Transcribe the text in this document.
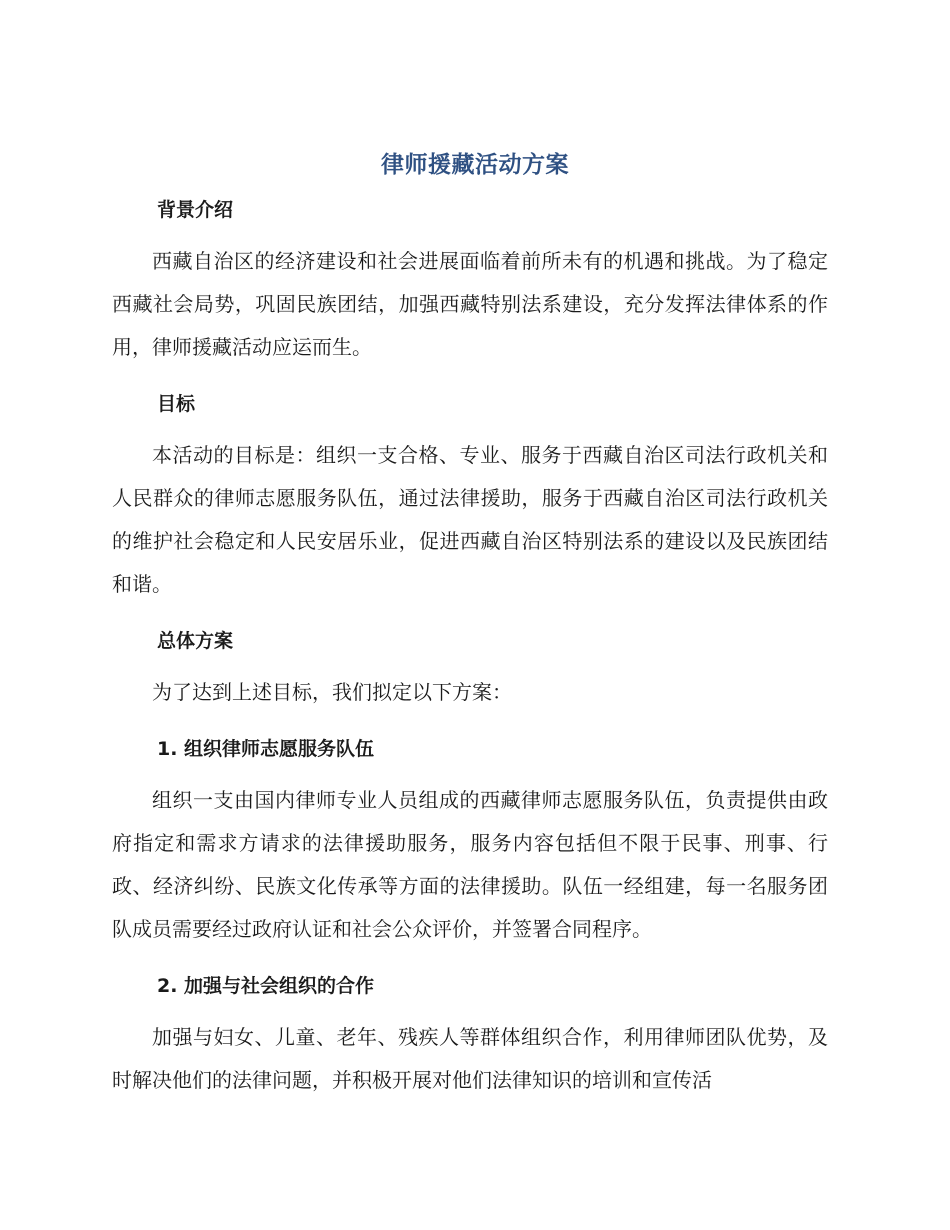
律师援藏活动方案
背景介绍

西藏自治区的经济建设和社会进展面临着前所未有的机遇和挑战。为了稳定西藏社会局势，巩固民族团结，加强西藏特别法系建设，充分发挥法律体系的作用，律师援藏活动应运而生。

目标

本活动的目标是：组织一支合格、专业、服务于西藏自治区司法行政机关和人民群众的律师志愿服务队伍，通过法律援助，服务于西藏自治区司法行政机关的维护社会稳定和人民安居乐业，促进西藏自治区特别法系的建设以及民族团结和谐。

总体方案

为了达到上述目标，我们拟定以下方案：

1. 组织律师志愿服务队伍

组织一支由国内律师专业人员组成的西藏律师志愿服务队伍，负责提供由政府指定和需求方请求的法律援助服务，服务内容包括但不限于民事、刑事、行政、经济纠纷、民族文化传承等方面的法律援助。队伍一经组建，每一名服务团队成员需要经过政府认证和社会公众评价，并签署合同程序。

2. 加强与社会组织的合作

加强与妇女、儿童、老年、残疾人等群体组织合作，利用律师团队优势，及时解决他们的法律问题，并积极开展对他们法律知识的培训和宣传活
